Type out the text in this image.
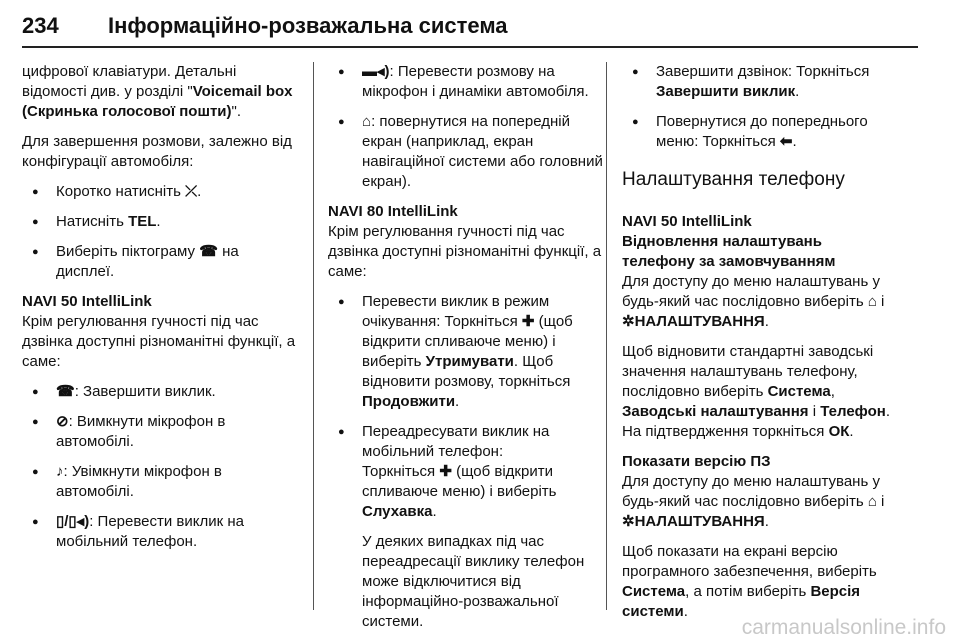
234 Інформаційно-розважальна система

цифрової клавіатури. Детальні відомості див. у розділі "Voicemail box (Скринька голосової пошти)".

Для завершення розмови, залежно від конфігурації автомобіля:

● Коротко натисніть ⤫.
● Натисніть TEL.
● Виберіть піктограму ☎ на дисплеї.

NAVI 50 IntelliLink

Крім регулювання гучності під час дзвінка доступні різноманітні функції, а саме:

● ☎: Завершити виклик.
● ⊘: Вимкнути мікрофон в автомобілі.
● ♪: Увімкнути мікрофон в автомобілі.
● ▯/▯◂): Перевести виклик на мобільний телефон.
● ▬◂): Перевести розмову на мікрофон і динаміки автомобіля.
● ⌂: повернутися на попередній екран (наприклад, екран навігаційної системи або головний екран).

NAVI 80 IntelliLink

Крім регулювання гучності під час дзвінка доступні різноманітні функції, а саме:

● Перевести виклик в режим очікування: Торкніться ✚ (щоб відкрити спливаюче меню) і виберіть Утримувати. Щоб відновити розмову, торкніться Продовжити.
● Переадресувати виклик на мобільний телефон:
Торкніться ✚ (щоб відкрити спливаюче меню) і виберіть Слухавка.

У деяких випадках під час переадресації виклику телефон може відключитися від інформаційно-розважальної системи.
● Завершити дзвінок: Торкніться Завершити виклик.
● Повернутися до попереднього меню: Торкніться ⬅.
Налаштування телефону

NAVI 50 IntelliLink

Відновлення налаштувань
телефону за замовчуванням

Для доступу до меню налаштувань у будь-який час послідовно виберіть ⌂ і ✲НАЛАШТУВАННЯ.

Щоб відновити стандартні заводські значення налаштувань телефону, послідовно виберіть Система, Заводські налаштування і Телефон. На підтвердження торкніться ОК.

Показати версію ПЗ

Для доступу до меню налаштувань у будь-який час послідовно виберіть ⌂ і ✲НАЛАШТУВАННЯ.

Щоб показати на екрані версію програмного забезпечення, виберіть Система, а потім виберіть Версія системи.

carmanualsonline.info
